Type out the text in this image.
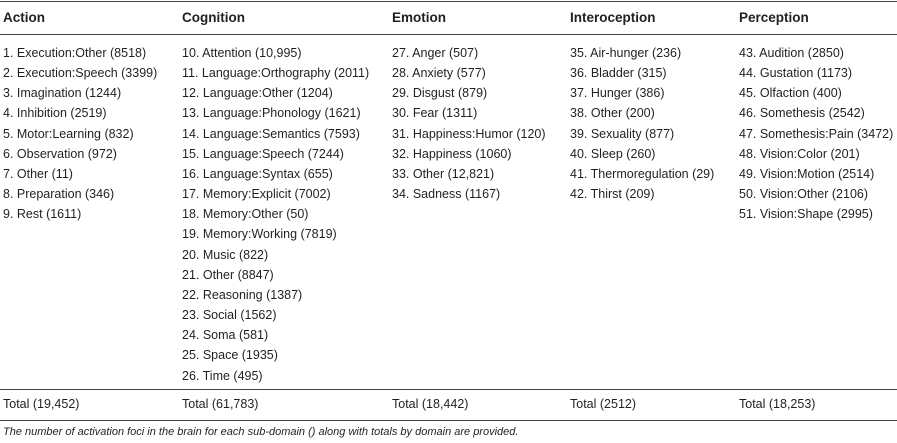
Action
1. Execution:Other (8518)
2. Execution:Speech (3399)
3. Imagination (1244)
4. Inhibition (2519)
5. Motor:Learning (832)
6. Observation (972)
7. Other (11)
8. Preparation (346)
9. Rest (1611)
Total (19,452)
Cognition
10. Attention (10,995)
11. Language:Orthography (2011)
12. Language:Other (1204)
13. Language:Phonology (1621)
14. Language:Semantics (7593)
15. Language:Speech (7244)
16. Language:Syntax (655)
17. Memory:Explicit (7002)
18. Memory:Other (50)
19. Memory:Working (7819)
20. Music (822)
21. Other (8847)
22. Reasoning (1387)
23. Social (1562)
24. Soma (581)
25. Space (1935)
26. Time (495)
Total (61,783)
Emotion
27. Anger (507)
28. Anxiety (577)
29. Disgust (879)
30. Fear (1311)
31. Happiness:Humor (120)
32. Happiness (1060)
33. Other (12,821)
34. Sadness (1167)
Total (18,442)
Interoception
35. Air-hunger (236)
36. Bladder (315)
37. Hunger (386)
38. Other (200)
39. Sexuality (877)
40. Sleep (260)
41. Thermoregulation (29)
42. Thirst (209)
Total (2512)
Perception
43. Audition (2850)
44. Gustation (1173)
45. Olfaction (400)
46. Somethesis (2542)
47. Somethesis:Pain (3472)
48. Vision:Color (201)
49. Vision:Motion (2514)
50. Vision:Other (2106)
51. Vision:Shape (2995)
Total (18,253)
The number of activation foci in the brain for each sub-domain () along with totals by domain are provided.
